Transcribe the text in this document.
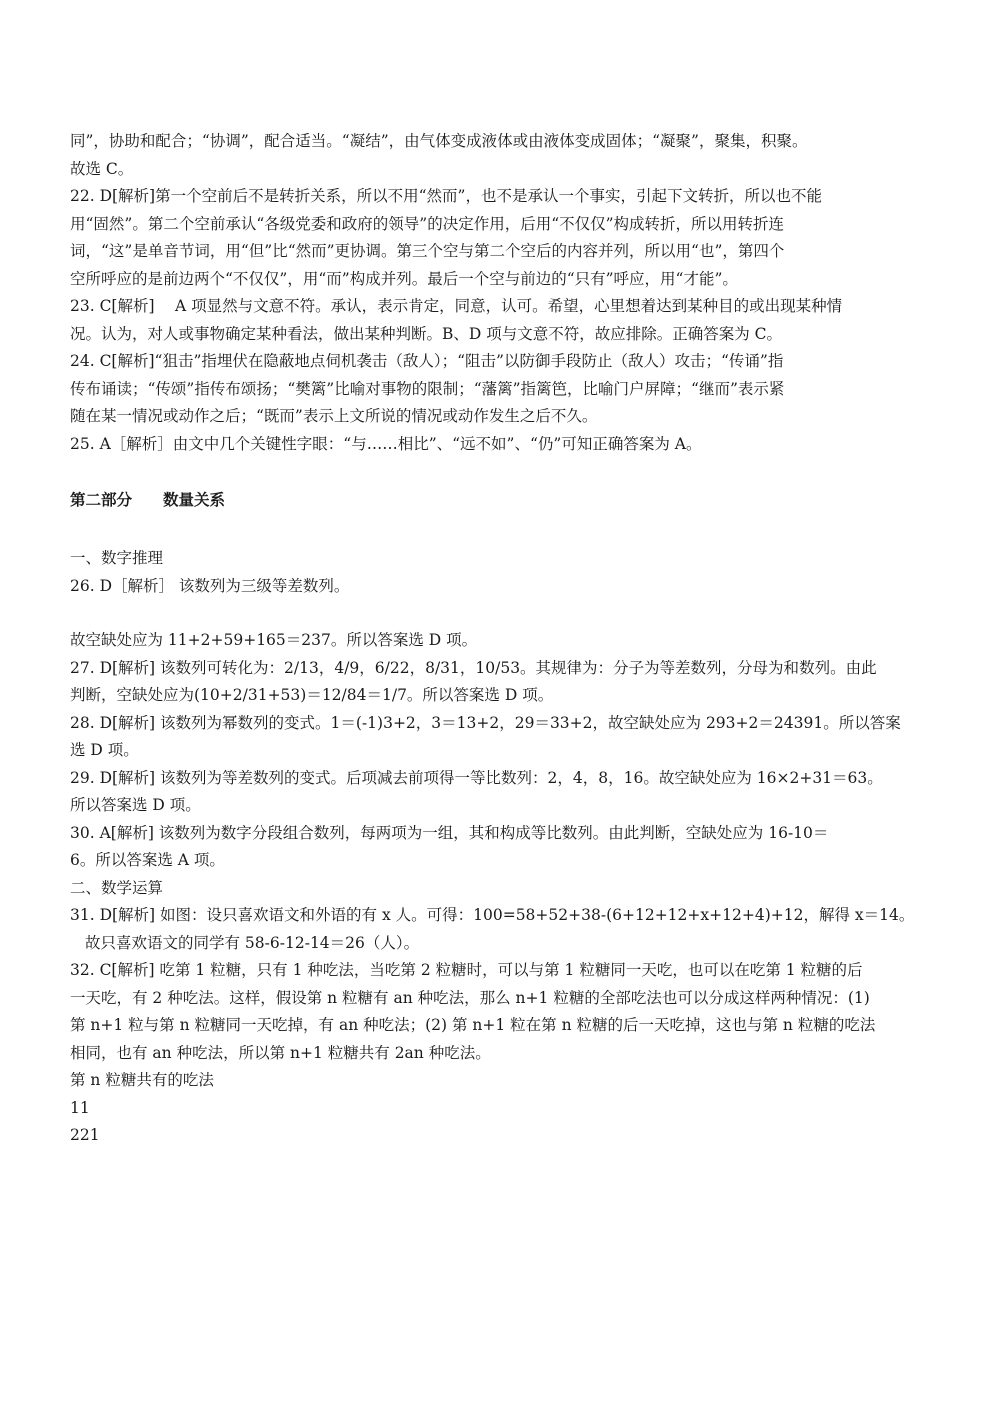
同”，协助和配合；“协调”，配合适当。“凝结”，由气体变成液体或由液体变成固体；“凝聚”，聚集，积聚。
故选 C。
22. D[解析]第一个空前后不是转折关系，所以不用“然而”，也不是承认一个事实，引起下文转折，所以也不能
用“固然”。第二个空前承认“各级党委和政府的领导”的决定作用，后用“不仅仅”构成转折，所以用转折连
词，“这”是单音节词，用“但”比“然而”更协调。第三个空与第二个空后的内容并列，所以用“也”，第四个
空所呼应的是前边两个“不仅仅”，用“而”构成并列。最后一个空与前边的“只有”呼应，用“才能”。
23. C[解析]　 A 项显然与文意不符。承认，表示肯定，同意，认可。希望，心里想着达到某种目的或出现某种情
况。认为，对人或事物确定某种看法，做出某种判断。B、D 项与文意不符，故应排除。正确答案为 C。
24. C[解析]“狙击”指埋伏在隐蔽地点伺机袭击（敌人）；“阻击”以防御手段防止（敌人）攻击；“传诵”指
传布诵读；“传颂”指传布颂扬；“樊篱”比喻对事物的限制；“藩篱”指篱笆，比喻门户屏障；“继而”表示紧
随在某一情况或动作之后；“既而”表示上文所说的情况或动作发生之后不久。
25. A［解析］由文中几个关键性字眼：“与……相比”、“远不如”、“仍”可知正确答案为 A。
第二部分　　数量关系
一、数字推理
26. D［解析］ 该数列为三级等差数列。
故空缺处应为 11+2+59+165＝237。所以答案选 D 项。
27. D[解析] 该数列可转化为：2/13，4/9，6/22，8/31，10/53。其规律为：分子为等差数列，分母为和数列。由此
判断，空缺处应为(10+2/31+53)＝12/84＝1/7。所以答案选 D 项。
28. D[解析] 该数列为幂数列的变式。1＝(-1)3+2，3＝13+2，29＝33+2，故空缺处应为 293+2＝24391。所以答案
选 D 项。
29. D[解析] 该数列为等差数列的变式。后项减去前项得一等比数列：2，4，8，16。故空缺处应为 16×2+31＝63。
所以答案选 D 项。
30. A[解析] 该数列为数字分段组合数列，每两项为一组，其和构成等比数列。由此判断，空缺处应为 16-10＝
6。所以答案选 A 项。
二、数学运算
31. D[解析] 如图：设只喜欢语文和外语的有 x 人。可得：100=58+52+38-(6+12+12+x+12+4)+12，解得 x＝14。
故只喜欢语文的同学有 58-6-12-14＝26（人）。
32. C[解析] 吃第 1 粒糖，只有 1 种吃法，当吃第 2 粒糖时，可以与第 1 粒糖同一天吃，也可以在吃第 1 粒糖的后
一天吃，有 2 种吃法。这样，假设第 n 粒糖有 an 种吃法，那么 n+1 粒糖的全部吃法也可以分成这样两种情况：(1)
第 n+1 粒与第 n 粒糖同一天吃掉，有 an 种吃法；(2) 第 n+1 粒在第 n 粒糖的后一天吃掉，这也与第 n 粒糖的吃法
相同，也有 an 种吃法，所以第 n+1 粒糖共有 2an 种吃法。
第 n 粒糖共有的吃法
11
221
